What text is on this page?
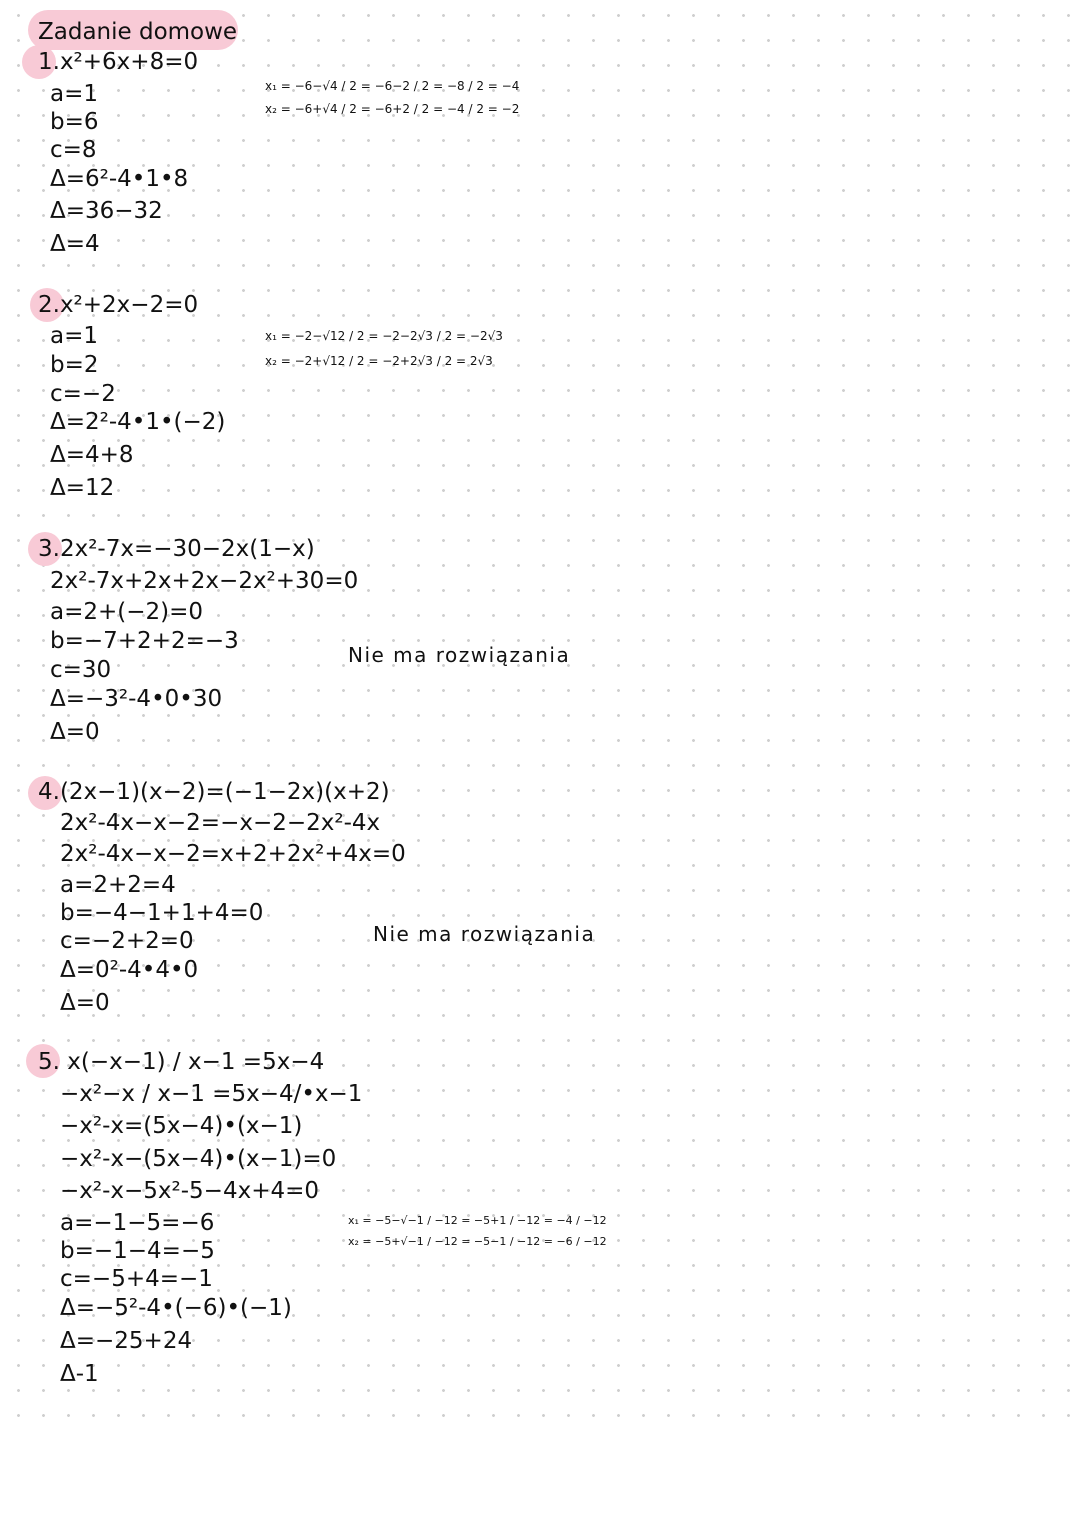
Zadanie domowe
1.x²+6x+8=0
a=1
b=6
c=8
Δ=6²-4•1•8
Δ=36−32
Δ=4
x₁ = −6−√4 / 2 = −6−2 / 2 = −8 / 2 = −4
x₂ = −6+√4 / 2 = −6+2 / 2 = −4 / 2 = −2
2.x²+2x−2=0
a=1
b=2
c=−2
Δ=2²-4•1•(−2)
Δ=4+8
Δ=12
x₁ = −2−√12 / 2 = −2−2√3 / 2 = −2√3
x₂ = −2+√12 / 2 = −2+2√3 / 2 = 2√3
3.2x²-7x=−30−2x(1−x)
2x²-7x+2x+2x−2x²+30=0
a=2+(−2)=0
b=−7+2+2=−3
c=30
Δ=−3²-4•0•30
Δ=0
Nie ma rozwiązania
4.(2x−1)(x−2)=(−1−2x)(x+2)
2x²-4x−x−2=−x−2−2x²-4x
2x²-4x−x−2=x+2+2x²+4x=0
a=2+2=4
b=−4−1+1+4=0
c=−2+2=0
Δ=0²-4•4•0
Δ=0
Nie ma rozwiązania
5. x(−x−1) / x−1 =5x−4
−x²−x / x−1 =5x−4/•x−1
−x²-x=(5x−4)•(x−1)
−x²-x−(5x−4)•(x−1)=0
−x²-x−5x²-5−4x+4=0
a=−1−5=−6
b=−1−4=−5
c=−5+4=−1
Δ=−5²-4•(−6)•(−1)
Δ=−25+24
Δ-1
x₁ = −5−√−1 / −12 = −5+1 / −12 = −4 / −12
x₂ = −5+√−1 / −12 = −5−1 / −12 = −6 / −12
